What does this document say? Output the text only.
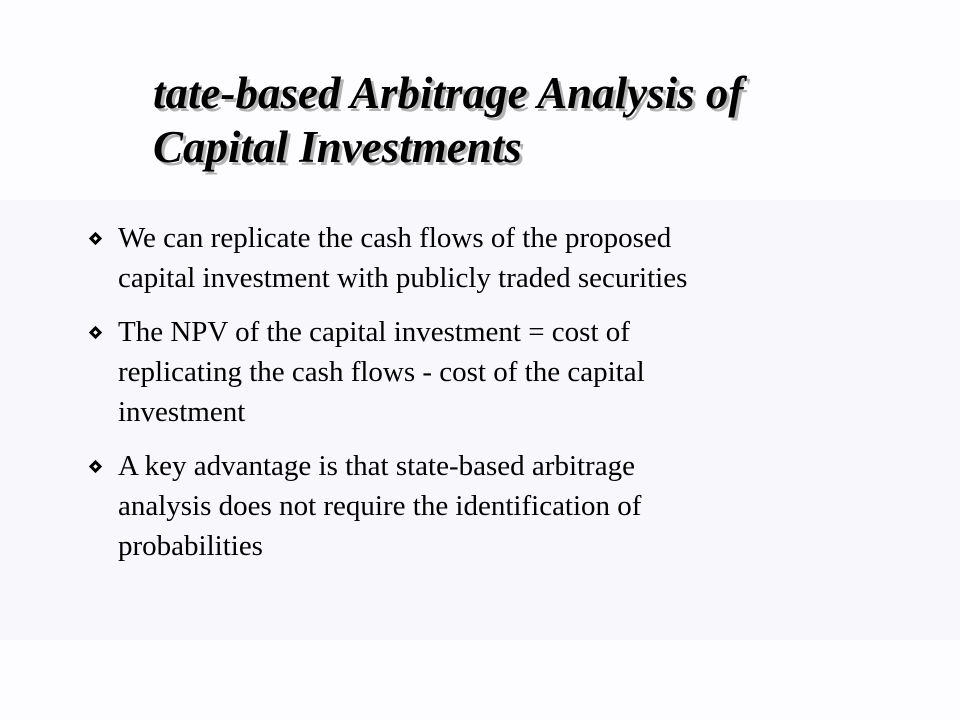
tate-based Arbitrage Analysis of
Capital Investments
We can replicate the cash flows of the proposed
capital investment with publicly traded securities
The NPV of the capital investment = cost of
replicating the cash flows - cost of the capital
investment
A key advantage is that state-based arbitrage
analysis does not require the identification of
probabilities
